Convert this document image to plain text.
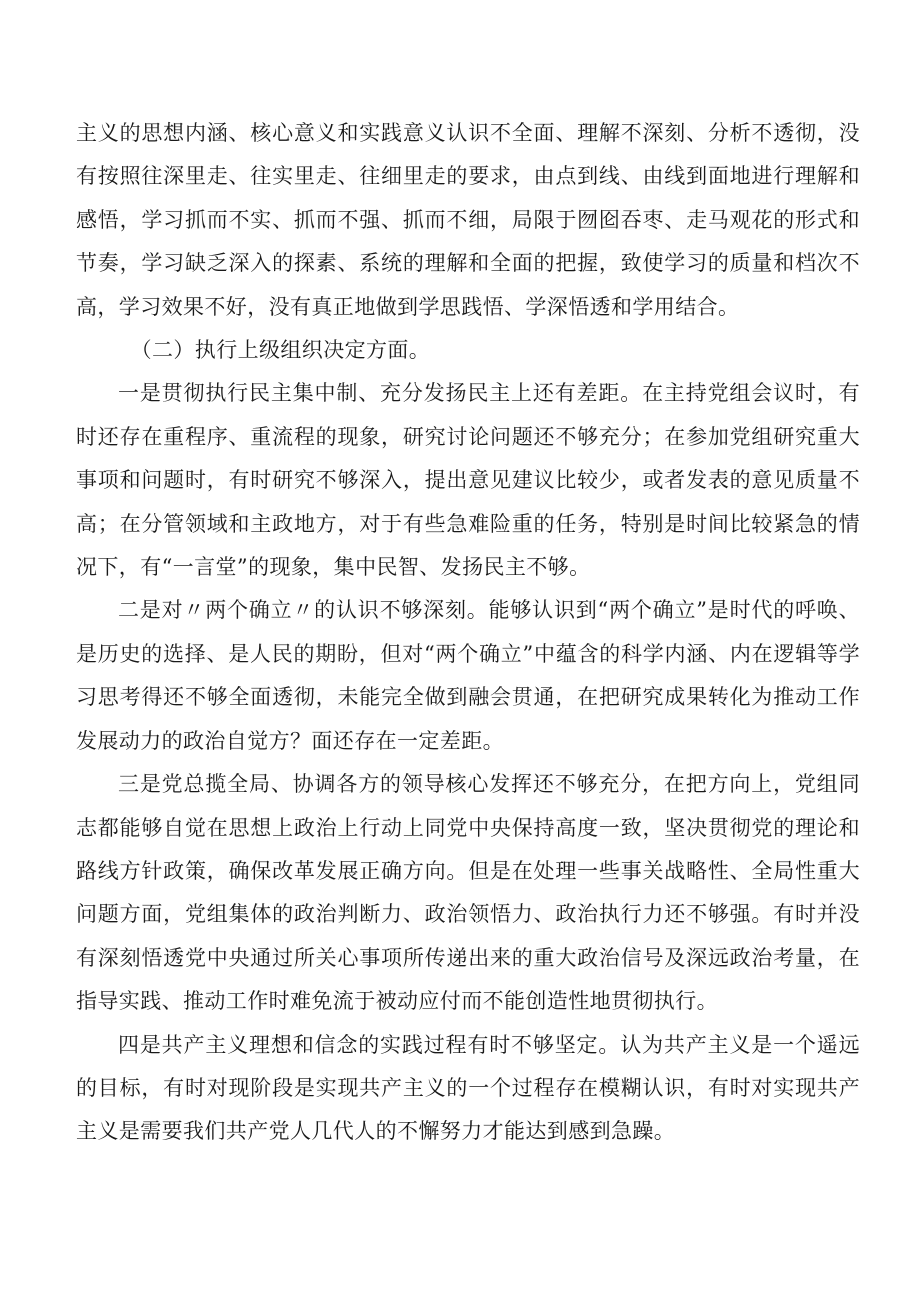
主义的思想内涵、核心意义和实践意义认识不全面、理解不深刻、分析不透彻，没有按照往深里走、往实里走、往细里走的要求，由点到线、由线到面地进行理解和感悟，学习抓而不实、抓而不强、抓而不细，局限于囫囵吞枣、走马观花的形式和节奏，学习缺乏深入的探素、系统的理解和全面的把握，致使学习的质量和档次不高，学习效果不好，没有真正地做到学思践悟、学深悟透和学用结合。

（二）执行上级组织决定方面。

一是贯彻执行民主集中制、充分发扬民主上还有差距。在主持党组会议时，有时还存在重程序、重流程的现象，研究讨论问题还不够充分；在参加党组研究重大事项和问题时，有时研究不够深入，提出意见建议比较少，或者发表的意见质量不高；在分管领域和主政地方，对于有些急难险重的任务，特别是时间比较紧急的情况下，有“一言堂”的现象，集中民智、发扬民主不够。

二是对〃两个确立〃的认识不够深刻。能够认识到“两个确立”是时代的呼唤、是历史的选择、是人民的期盼，但对“两个确立”中蕴含的科学内涵、内在逻辑等学习思考得还不够全面透彻，未能完全做到融会贯通，在把研究成果转化为推动工作发展动力的政治自觉方？面还存在一定差距。

三是党总揽全局、协调各方的领导核心发挥还不够充分，在把方向上，党组同志都能够自觉在思想上政治上行动上同党中央保持高度一致，坚决贯彻党的理论和路线方针政策，确保改革发展正确方向。但是在处理一些事关战略性、全局性重大问题方面，党组集体的政治判断力、政治领悟力、政治执行力还不够强。有时并没有深刻悟透党中央通过所关心事项所传递出来的重大政治信号及深远政治考量，在指导实践、推动工作时难免流于被动应付而不能创造性地贯彻执行。

四是共产主义理想和信念的实践过程有时不够坚定。认为共产主义是一个遥远的目标，有时对现阶段是实现共产主义的一个过程存在模糊认识，有时对实现共产主义是需要我们共产党人几代人的不懈努力才能达到感到急躁。
